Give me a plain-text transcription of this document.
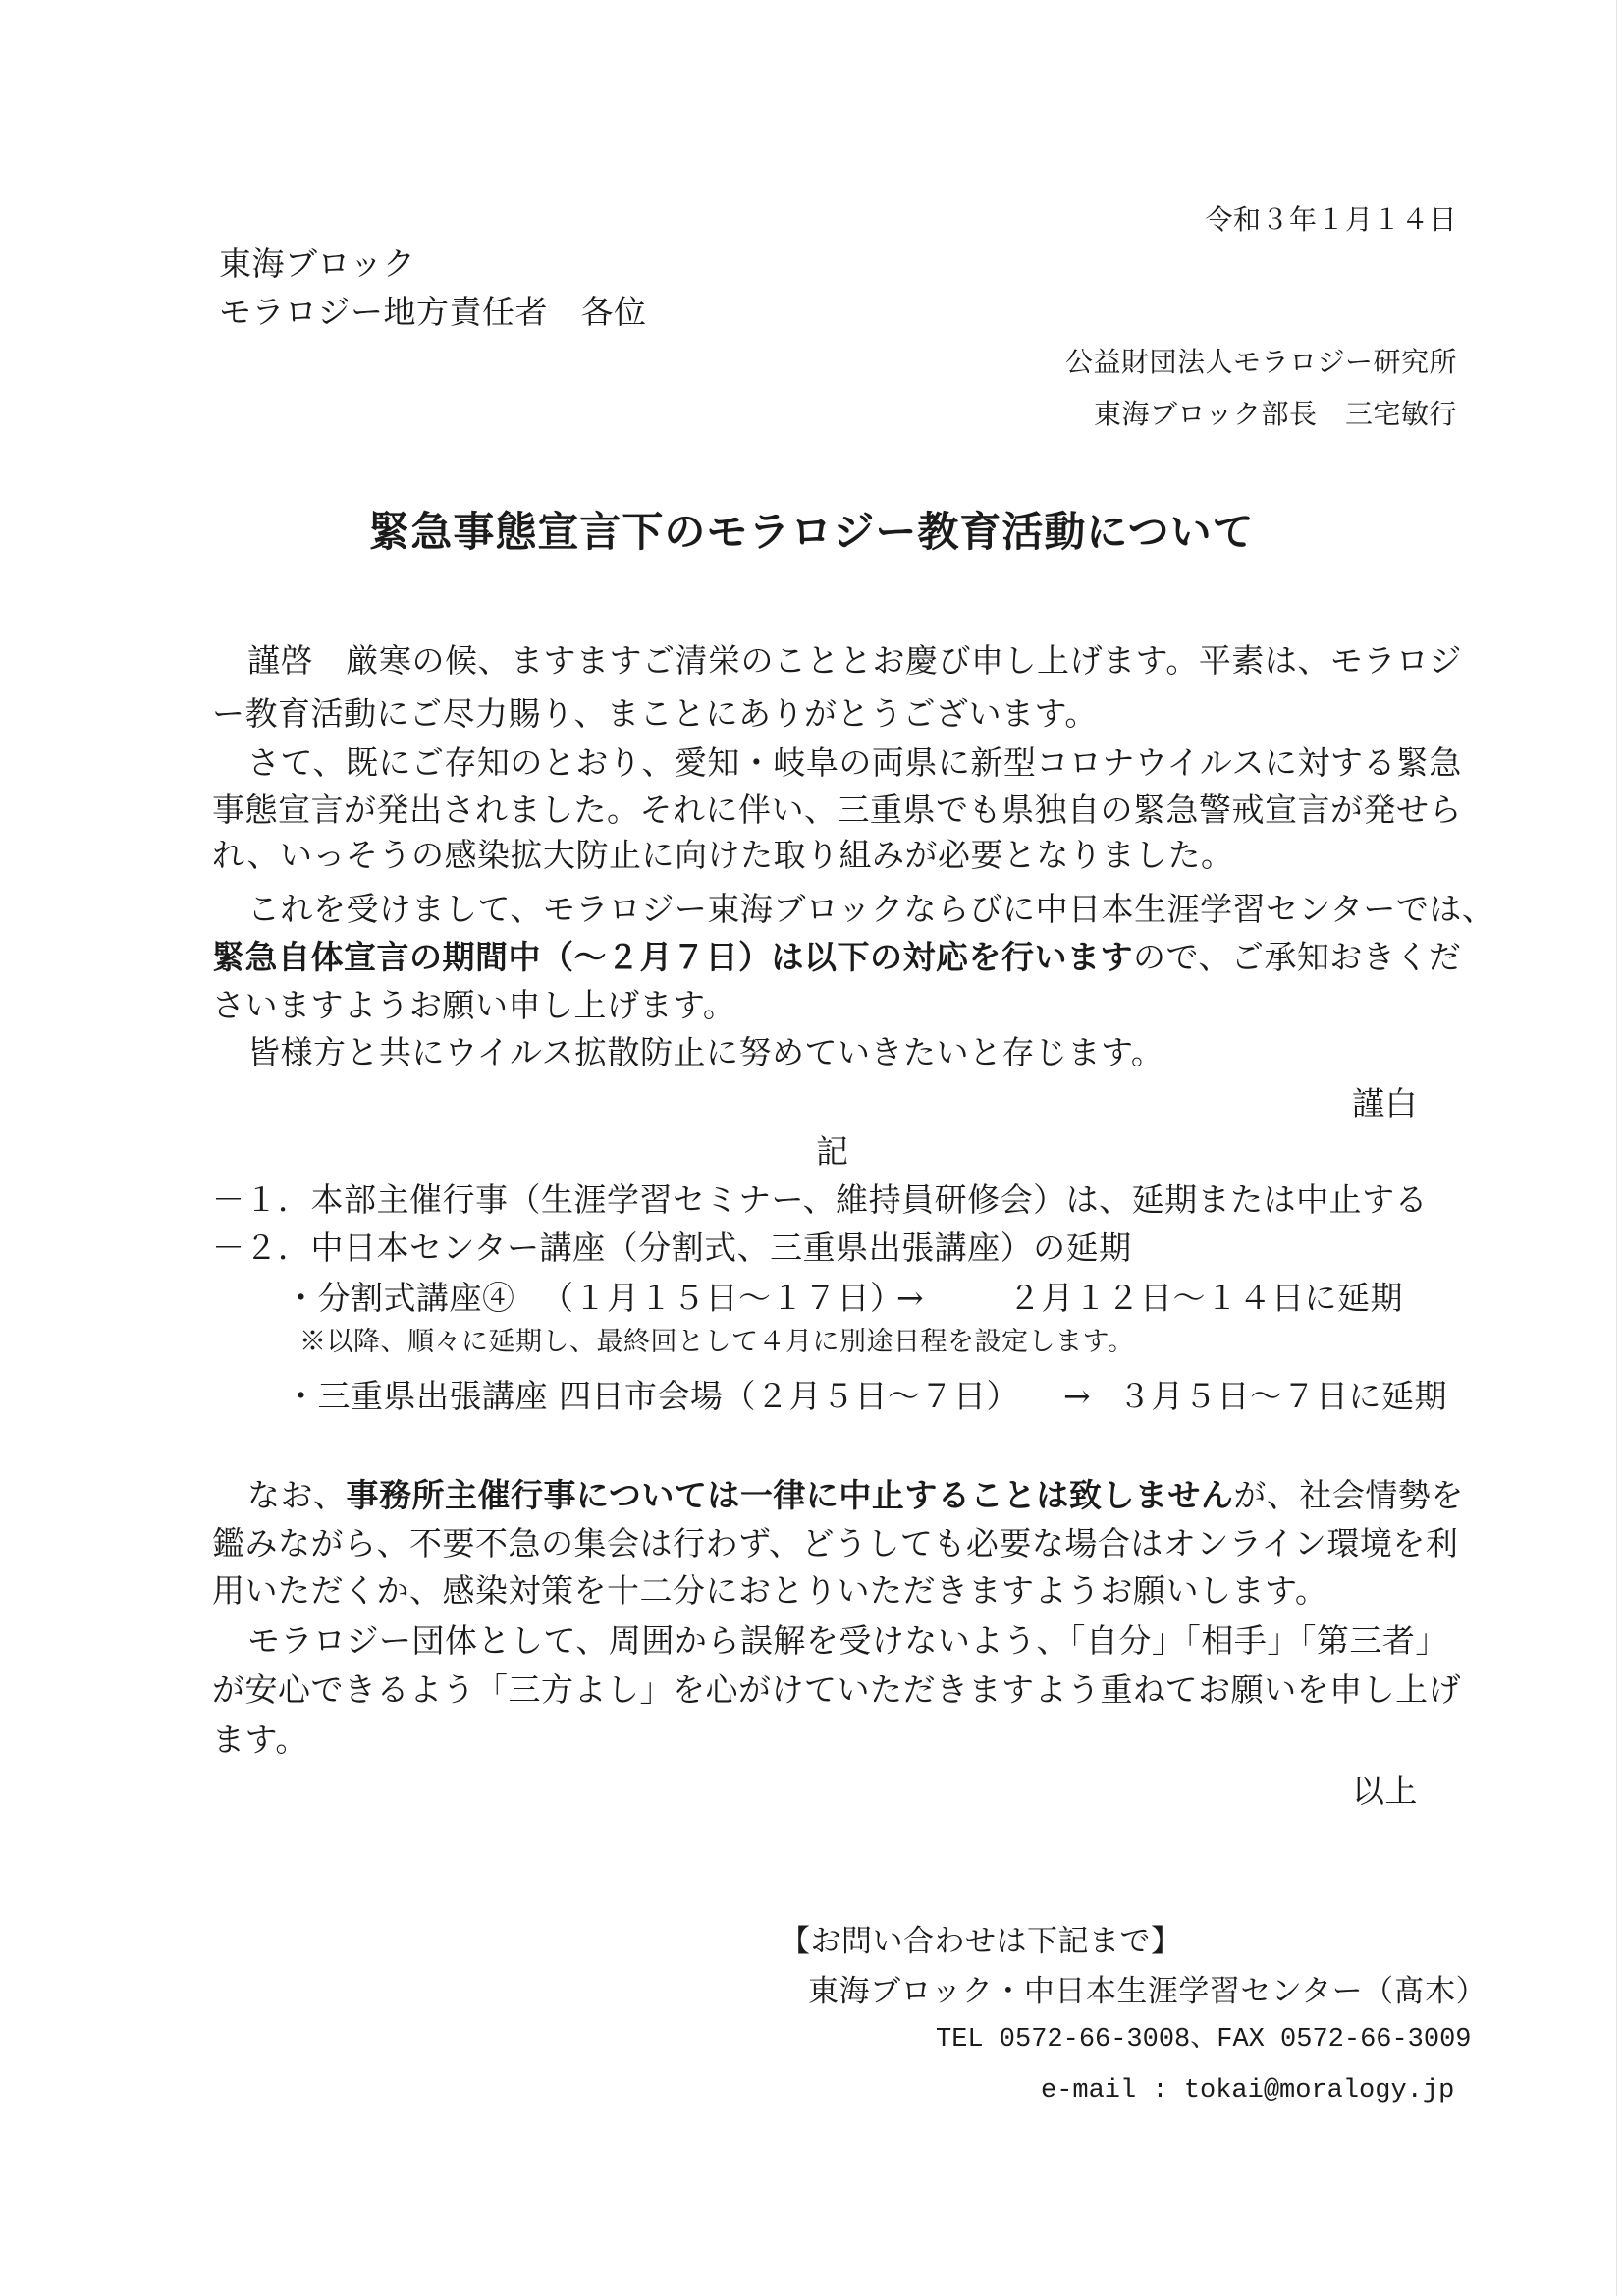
令和３年１月１４日
東海ブロック
モラロジー地方責任者　各位
公益財団法人モラロジー研究所
東海ブロック部長　三宅敏行
緊急事態宣言下のモラロジー教育活動について
謹啓　厳寒の候、ますますご清栄のこととお慶び申し上げます。平素は、モラロジ
ー教育活動にご尽力賜り、まことにありがとうございます。
さて、既にご存知のとおり、愛知・岐阜の両県に新型コロナウイルスに対する緊急
事態宣言が発出されました。それに伴い、三重県でも県独自の緊急警戒宣言が発せら
れ、いっそうの感染拡大防止に向けた取り組みが必要となりました。
これを受けまして、モラロジー東海ブロックならびに中日本生涯学習センターでは、
緊急自体宣言の期間中（～２月７日）は以下の対応を行いますので、ご承知おきくだ
さいますようお願い申し上げます。
皆様方と共にウイルス拡散防止に努めていきたいと存じます。
謹白
記
－１．本部主催行事（生涯学習セミナー、維持員研修会）は、延期または中止する
－２．中日本センター講座（分割式、三重県出張講座）の延期
・分割式講座④ （１月１５日～１７日）
→	２月１２日～１４日に延期
※以降、順々に延期し、最終回として４月に別途日程を設定します。
・三重県出張講座 四日市会場（２月５日～７日） → ３月５日～７日に延期
なお、事務所主催行事については一律に中止することは致しませんが、社会情勢を
鑑みながら、不要不急の集会は行わず、どうしても必要な場合はオンライン環境を利
用いただくか、感染対策を十二分におとりいただきますようお願いします。
モラロジー団体として、周囲から誤解を受けないよう、「自分」「相手」「第三者」
が安心できるよう「三方よし」を心がけていただきますよう重ねてお願いを申し上げ
ます。
以上
【お問い合わせは下記まで】
東海ブロック・中日本生涯学習センター（髙木）
TEL 0572-66-3008、FAX 0572-66-3009
e-mail : tokai@moralogy.jp
